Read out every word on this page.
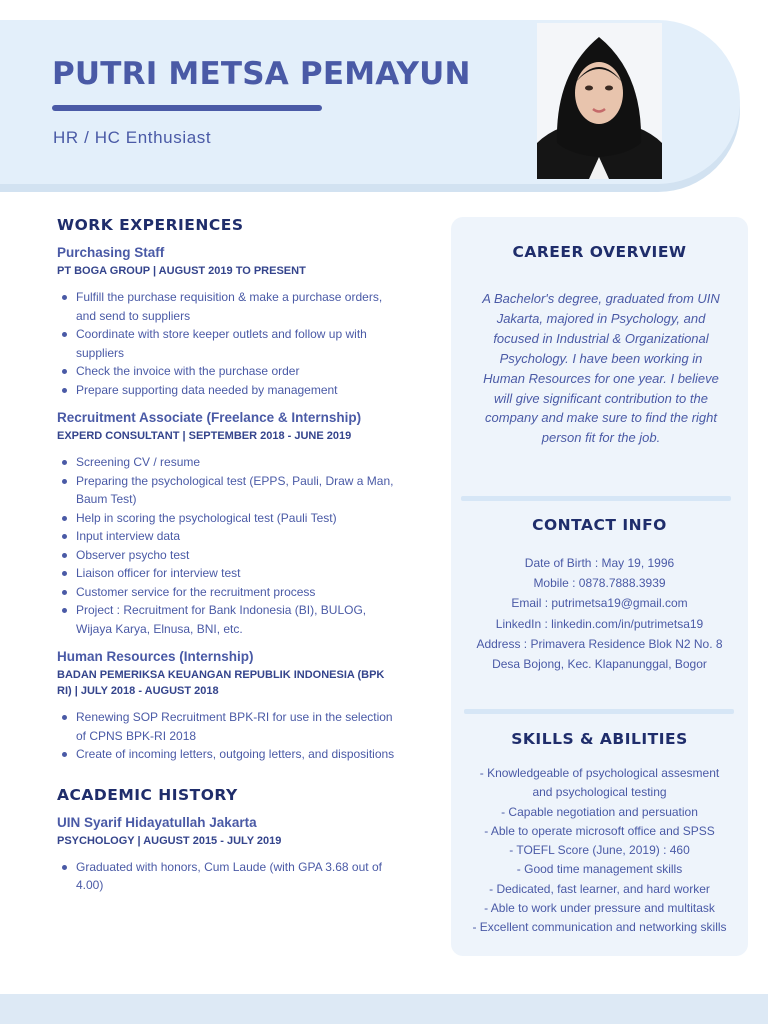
PUTRI METSA PEMAYUN
HR / HC Enthusiast
WORK EXPERIENCES
Purchasing Staff
PT BOGA GROUP | AUGUST 2019 TO PRESENT
Fulfill the purchase requisition & make a purchase orders, and send to suppliers
Coordinate with store keeper outlets and follow up with suppliers
Check the invoice with the purchase order
Prepare supporting data needed by management
Recruitment Associate (Freelance & Internship)
EXPERD CONSULTANT | SEPTEMBER 2018 - JUNE 2019
Screening CV / resume
Preparing the psychological test (EPPS, Pauli, Draw a Man, Baum Test)
Help in scoring the psychological test (Pauli Test)
Input interview data
Observer psycho test
Liaison officer for interview test
Customer service for the recruitment process
Project : Recruitment for Bank Indonesia (BI), BULOG, Wijaya Karya, Elnusa, BNI, etc.
Human Resources (Internship)
BADAN PEMERIKSA KEUANGAN REPUBLIK INDONESIA (BPK RI) | JULY 2018 - AUGUST 2018
Renewing SOP Recruitment BPK-RI for use in the selection of CPNS BPK-RI 2018
Create of incoming letters, outgoing letters, and dispositions
ACADEMIC HISTORY
UIN Syarif Hidayatullah Jakarta
PSYCHOLOGY | AUGUST 2015 - JULY 2019
Graduated with honors, Cum Laude (with GPA 3.68 out of 4.00)
CAREER OVERVIEW
A Bachelor's degree, graduated from UIN Jakarta, majored in Psychology, and focused in Industrial & Organizational Psychology. I have been working in Human Resources for one year. I believe will give significant contribution to the company and make sure to find the right person fit for the job.
CONTACT INFO
Date of Birth : May 19, 1996
Mobile : 0878.7888.3939
Email : putrimetsa19@gmail.com
LinkedIn : linkedin.com/in/putrimetsa19
Address : Primavera Residence Blok N2 No. 8 Desa Bojong, Kec. Klapanunggal, Bogor
SKILLS & ABILITIES
- Knowledgeable of psychological assesment and psychological testing
- Capable negotiation and persuation
- Able to operate microsoft office and SPSS
- TOEFL Score (June, 2019) : 460
- Good time management skills
- Dedicated, fast learner, and hard worker
- Able to work under pressure and multitask
- Excellent communication and networking skills
